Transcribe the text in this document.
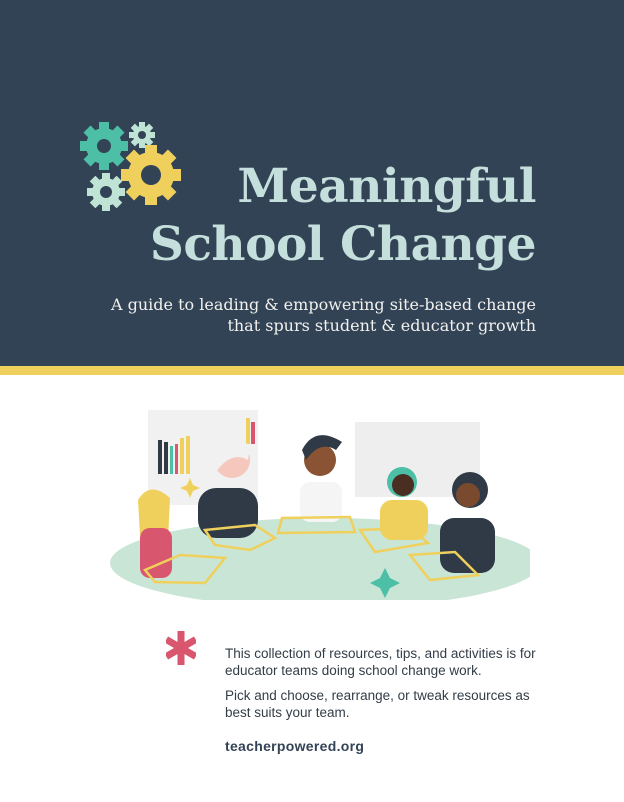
Meaningful
School Change
A guide to leading & empowering site-based change
that spurs student & educator growth

This collection of resources, tips, and activities is for educator teams doing school change work.

Pick and choose, rearrange, or tweak resources as best suits your team.

teacherpowered.org
